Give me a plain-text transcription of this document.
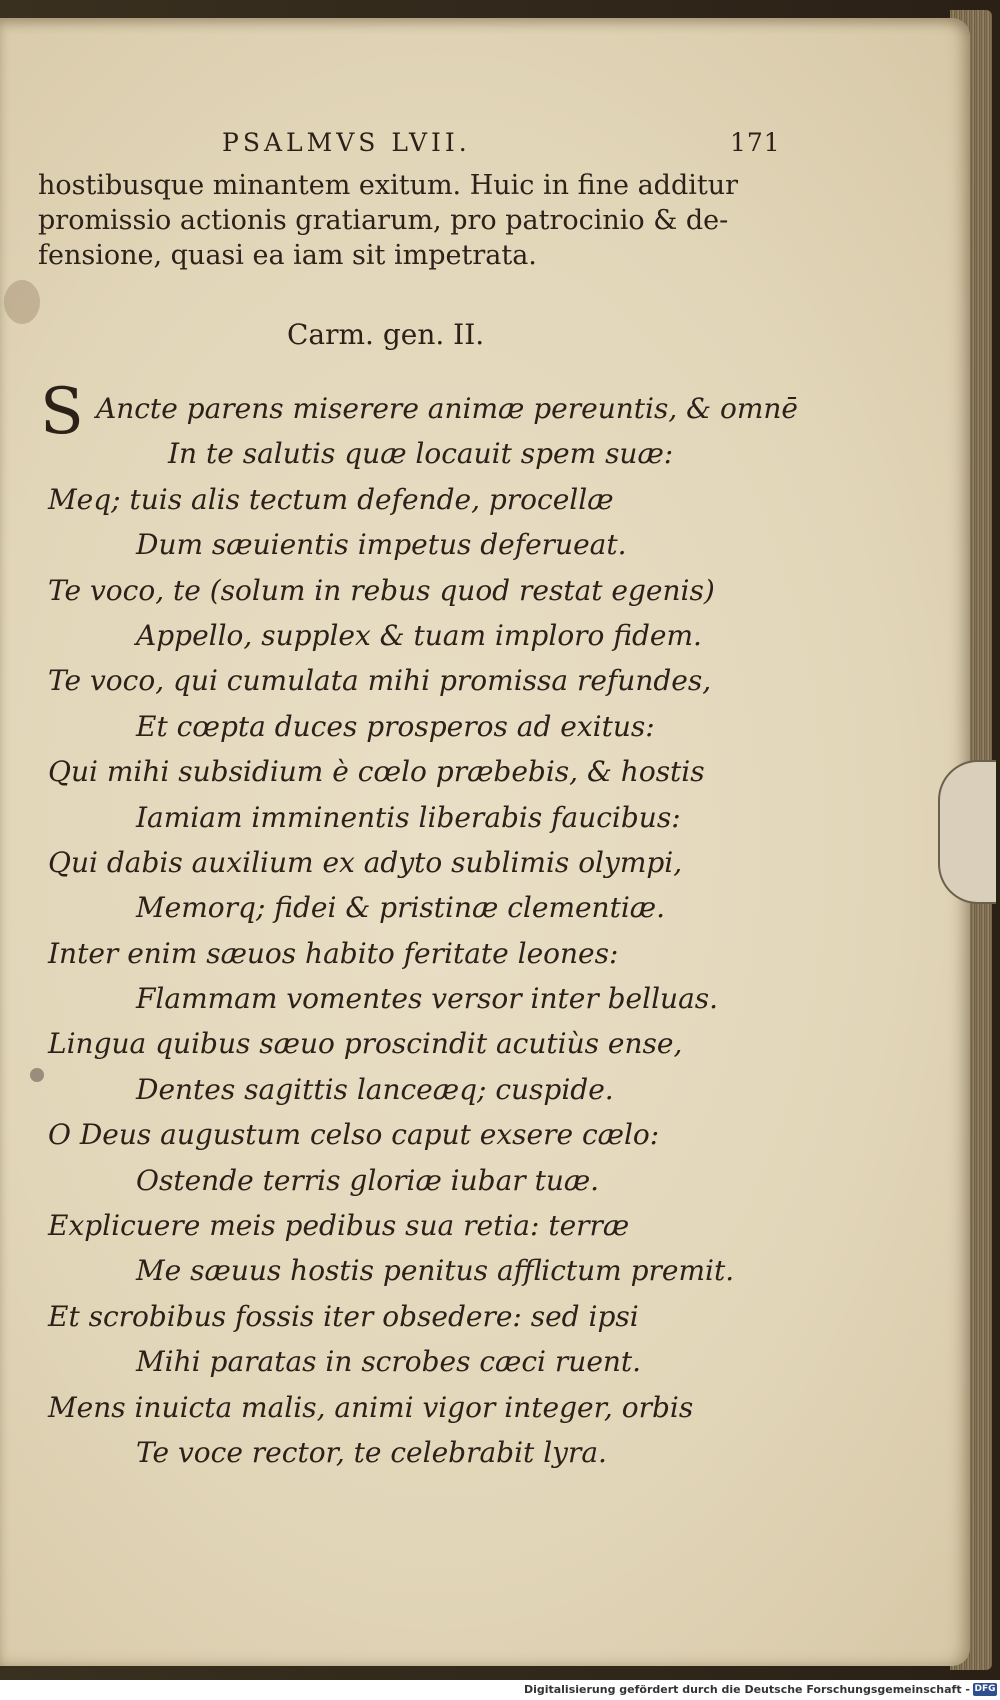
PSALMVS LVII.	171
hostibusque minantem exitum. Huic in fine additur
promissio actionis gratiarum, pro patrocinio & de-
fensione, quasi ea iam sit impetrata.
Carm. gen. II.
S Ancte parens miserere animæ pereuntis, & omnē
In te salutis quæ locauit spem suæ:
Meq; tuis alis tectum defende, procellæ
Dum sæuientis impetus deferueat.
Te voco, te (solum in rebus quod restat egenis)
Appello, supplex & tuam imploro fidem.
Te voco, qui cumulata mihi promissa refundes,
Et cœpta duces prosperos ad exitus:
Qui mihi subsidium è cœlo præbebis, & hostis
Iamiam imminentis liberabis faucibus:
Qui dabis auxilium ex adyto sublimis olympi,
Memorq; fidei & pristinæ clementiæ.
Inter enim sæuos habito feritate leones:
Flammam vomentes versor inter belluas.
Lingua quibus sæuo proscindit acutiùs ense,
Dentes sagittis lanceæq; cuspide.
O Deus augustum celso caput exsere cælo:
Ostende terris gloriæ iubar tuæ.
Explicuere meis pedibus sua retia: terræ
Me sæuus hostis penitus afflictum premit.
Et scrobibus fossis iter obsedere: sed ipsi
Mihi paratas in scrobes cæci ruent.
Mens inuicta malis, animi vigor integer, orbis
Te voce rector, te celebrabit lyra.
Digitalisierung gefördert durch die Deutsche Forschungsgemeinschaft - DFG
